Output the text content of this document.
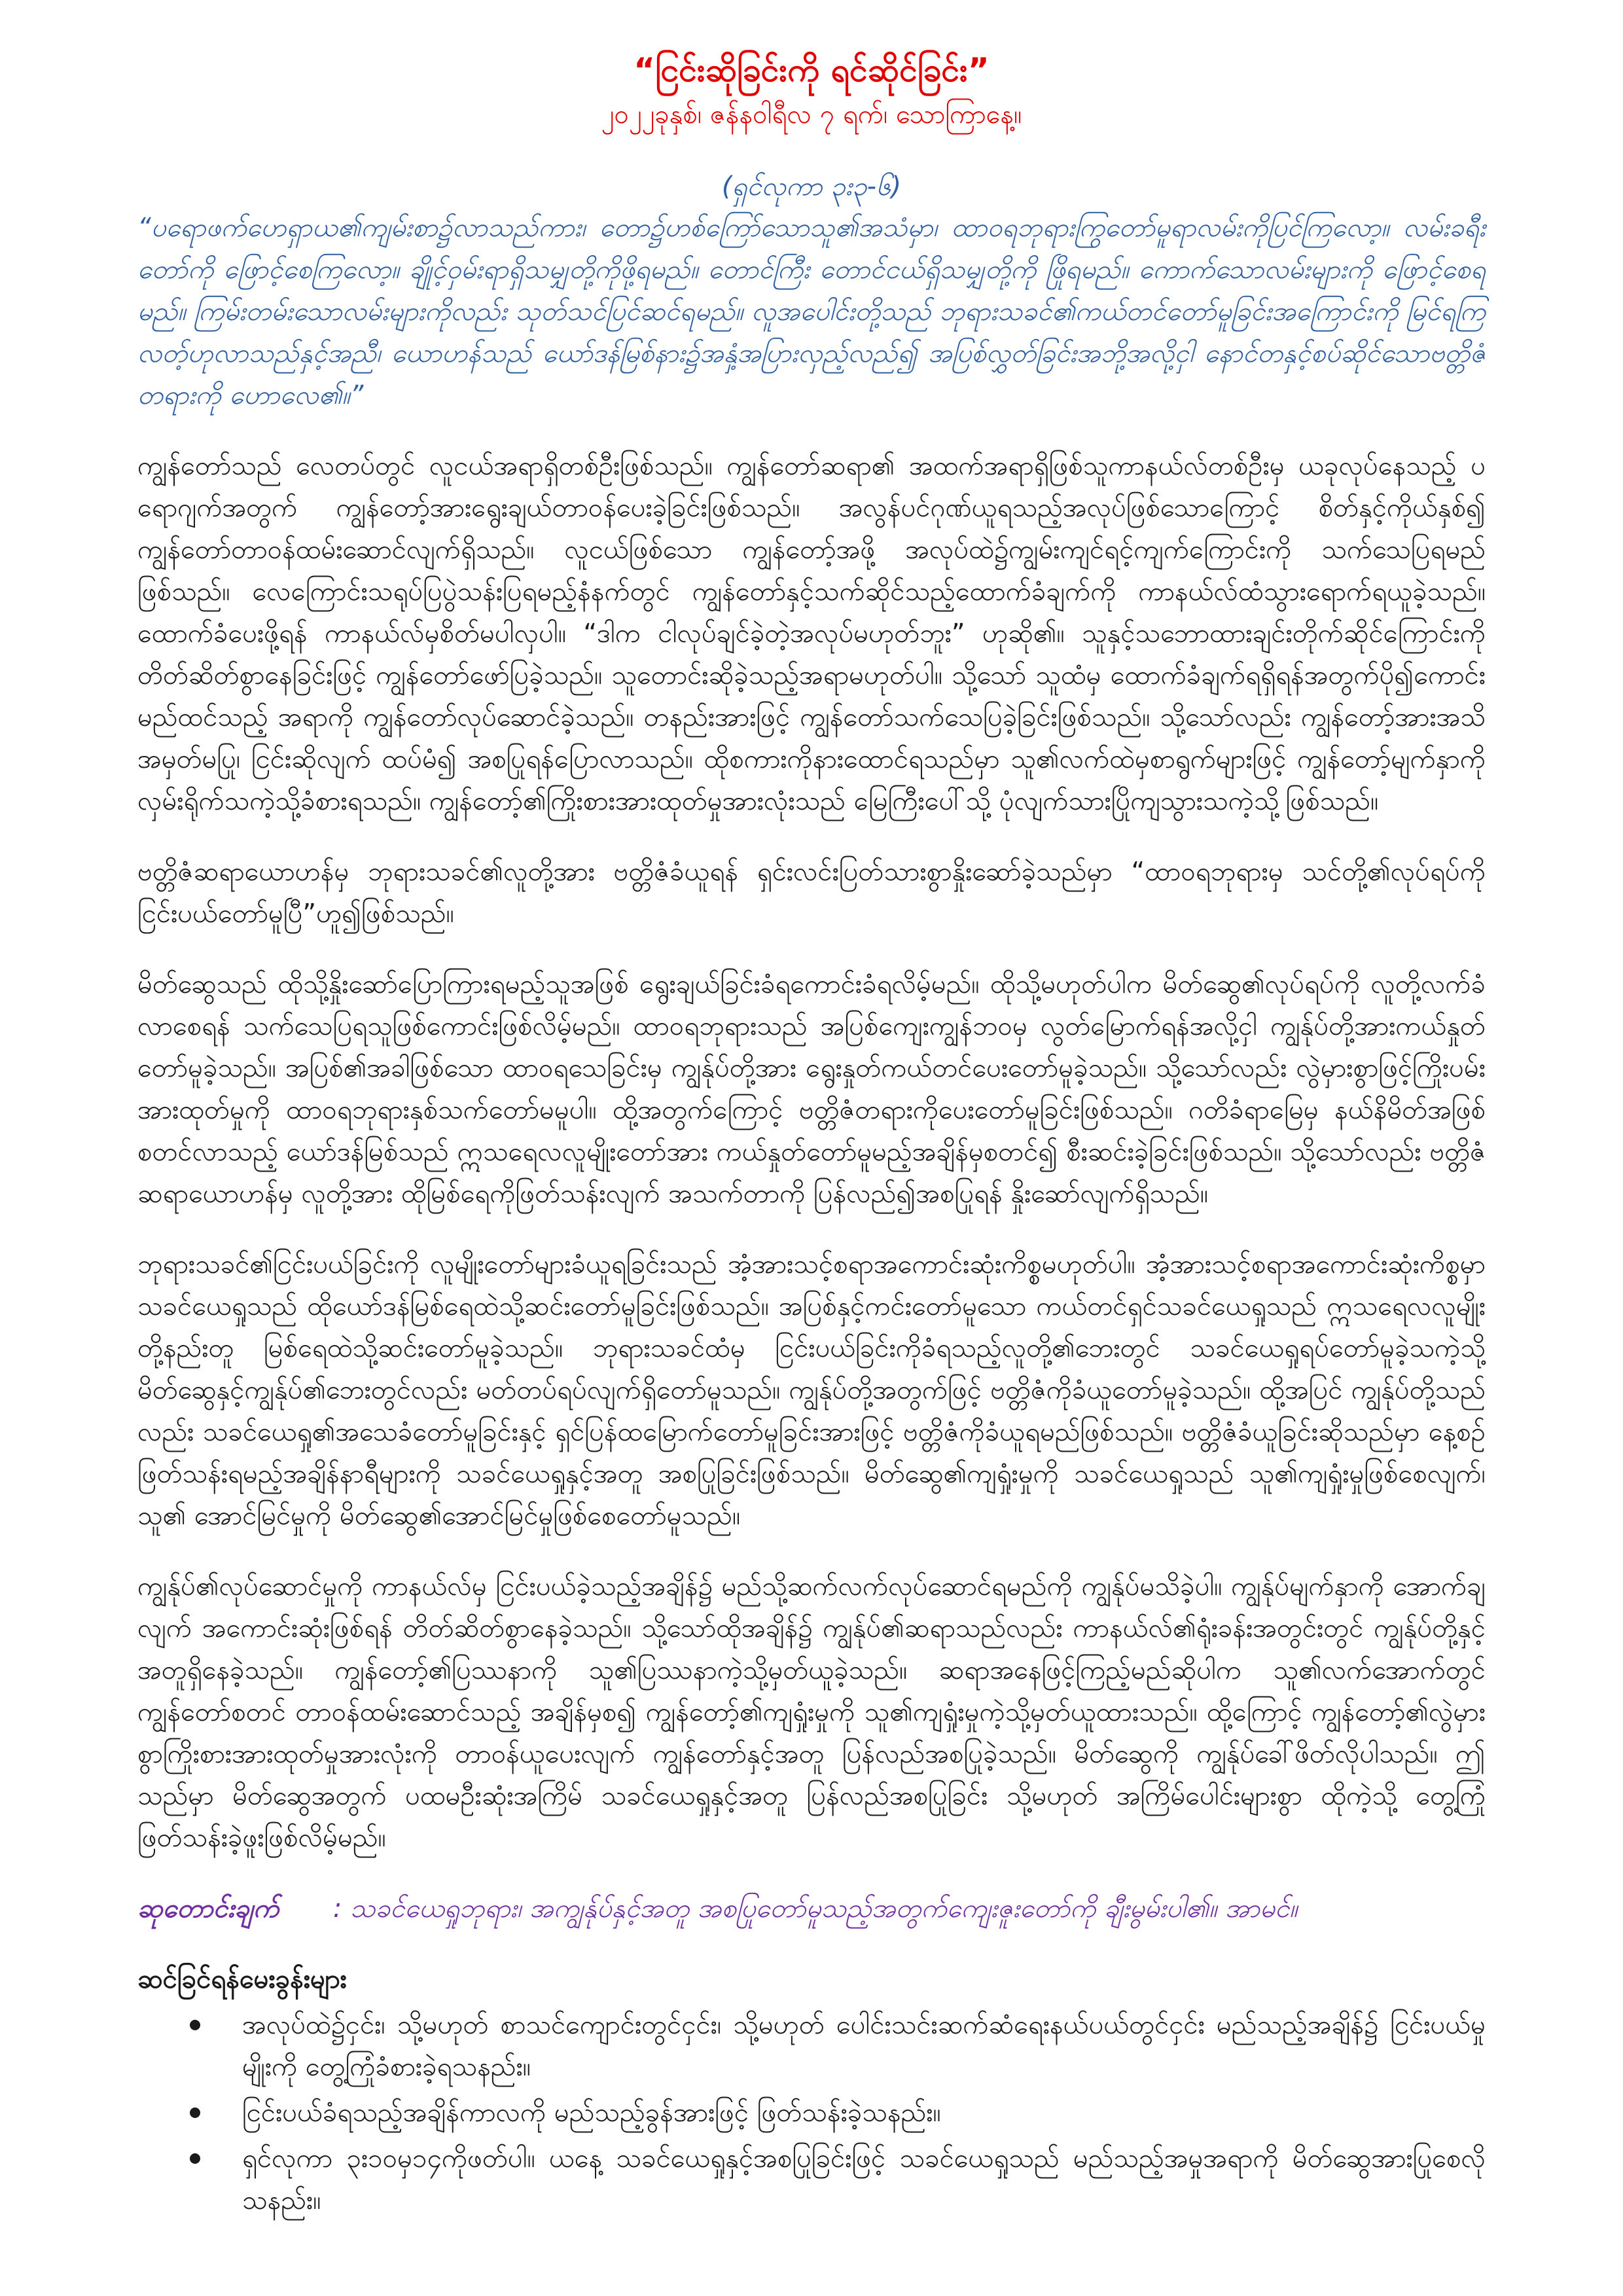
“ငြင်းဆိုခြင်းကို ရင်ဆိုင်ခြင်း”

၂၀၂၂ခုနှစ်၊ ဇန်နဝါရီလ ၇ ရက်၊ သောကြာနေ့။

(ရှင်လုကာ ၃း၃-၆)

“ပရောဖက်ဟေရှာယ၏ကျမ်းစာ၌လာသည်ကား၊ တော၌ဟစ်ကြော်သောသူ၏အသံမှာ၊ ထာဝရဘုရားကြွတော်မူရာလမ်းကိုပြင်ကြလော့။ လမ်းခရီးတော်ကို ဖြောင့်စေကြလော့။ ချိုင့်ဝှမ်းရာရှိသမျှတို့ကိုဖို့ရမည်။ တောင်ကြီး တောင်ငယ်ရှိသမျှတို့ကို ဖြိုရမည်။ ကောက်သောလမ်းများကို ဖြောင့်စေရမည်။ ကြမ်းတမ်းသောလမ်းများကိုလည်း သုတ်သင်ပြင်ဆင်ရမည်။ လူအပေါင်းတို့သည် ဘုရားသခင်၏ကယ်တင်တော်မူခြင်းအကြောင်းကို မြင်ရကြလတ့်ဟုလာသည်နှင့်အညီ၊ ယောဟန်သည် ယော်ဒန်မြစ်နား၌အနှံ့အပြားလှည့်လည်၍ အပြစ်လွှတ်ခြင်းအဘို့အလို့ငှါ နောင်တနှင့်စပ်ဆိုင်သောဗတ္တိဇံတရားကို ဟောလေ၏။”

ကျွန်တော်သည် လေတပ်တွင် လူငယ်အရာရှိတစ်ဦးဖြစ်သည်။ ကျွန်တော်ဆရာ၏ အထက်အရာရှိဖြစ်သူကာနယ်လ်တစ်ဦးမှ ယခုလုပ်နေသည့် ပရောဂျက်အတွက် ကျွန်တော့်အားရွေးချယ်တာဝန်ပေးခဲ့ခြင်းဖြစ်သည်။ အလွန်ပင်ဂုဏ်ယူရသည့်အလုပ်ဖြစ်သောကြောင့် စိတ်နှင့်ကိုယ်နှစ်၍ ကျွန်တော်တာဝန်ထမ်းဆောင်လျက်ရှိသည်။ လူငယ်ဖြစ်သော ကျွန်တော့်အဖို့ အလုပ်ထဲ၌ကျွမ်းကျင်ရင့်ကျက်ကြောင်းကို သက်သေပြရမည်ဖြစ်သည်။ လေကြောင်းသရုပ်ပြပွဲသန်းပြရမည့်နံနက်တွင် ကျွန်တော်နှင့်သက်ဆိုင်သည့်ထောက်ခံချက်ကို ကာနယ်လ်ထံသွားရောက်ရယူခဲ့သည်။ ထောက်ခံပေးဖို့ရန် ကာနယ်လ်မှစိတ်မပါလှပါ။ “ဒါက ငါလုပ်ချင်ခဲ့တဲ့အလုပ်မဟုတ်ဘူး” ဟုဆို၏။ သူနှင့်သဘောထားချင်းတိုက်ဆိုင်ကြောင်းကို တိတ်ဆိတ်စွာနေခြင်းဖြင့် ကျွန်တော်ဖော်ပြခဲ့သည်။ သူတောင်းဆိုခဲ့သည့်အရာမဟုတ်ပါ။ သို့သော် သူထံမှ ထောက်ခံချက်ရရှိရန်အတွက်ပို၍ကောင်းမည်ထင်သည့် အရာကို ကျွန်တော်လုပ်ဆောင်ခဲ့သည်။ တနည်းအားဖြင့် ကျွန်တော်သက်သေပြခဲ့ခြင်းဖြစ်သည်။ သို့သော်လည်း ကျွန်တော့်အားအသိအမှတ်မပြု၊ ငြင်းဆိုလျက် ထပ်မံ၍ အစပြုရန်ပြောလာသည်။ ထိုစကားကိုနားထောင်ရသည်မှာ သူ၏လက်ထဲမှစာရွက်များဖြင့် ကျွန်တော့်မျက်နှာကို လှမ်းရိုက်သကဲ့သို့ခံစားရသည်။ ကျွန်တော့်၏ကြိုးစားအားထုတ်မှုအားလုံးသည် မြေကြီးပေါ်သို့ ပုံလျက်သားပြိုကျသွားသကဲ့သို့ဖြစ်သည်။

ဗတ္တိဇံဆရာယောဟန်မှ ဘုရားသခင်၏လူတို့အား ဗတ္တိဇံခံယူရန် ရှင်းလင်းပြတ်သားစွာနှိုးဆော်ခဲ့သည်မှာ “ထာဝရဘုရားမှ သင်တို့၏လုပ်ရပ်ကို ငြင်းပယ်တော်မူပြီ”ဟူ၍ဖြစ်သည်။

မိတ်ဆွေသည် ထိုသို့နှိုးဆော်ပြောကြားရမည့်သူအဖြစ် ရွေးချယ်ခြင်းခံရကောင်းခံရလိမ့်မည်။ ထိုသို့မဟုတ်ပါက မိတ်ဆွေ၏လုပ်ရပ်ကို လူတို့လက်ခံလာစေရန် သက်သေပြရသူဖြစ်ကောင်းဖြစ်လိမ့်မည်။ ထာဝရဘုရားသည် အပြစ်ကျေးကျွန်ဘဝမှ လွတ်မြောက်ရန်အလို့ငှါ ကျွန်ုပ်တို့အားကယ်နှုတ်တော်မူခဲ့သည်။ အပြစ်၏အခါဖြစ်သော ထာဝရသေခြင်းမှ ကျွန်ုပ်တို့အား ရွေးနှုတ်ကယ်တင်ပေးတော်မူခဲ့သည်။ သို့သော်လည်း လွဲမှားစွာဖြင့်ကြိုးပမ်းအားထုတ်မှုကို ထာဝရဘုရားနှစ်သက်တော်မမူပါ။ ထို့အတွက်ကြောင့် ဗတ္တိဇံတရားကိုပေးတော်မူခြင်းဖြစ်သည်။ ဂတိခံရာမြေမှ နယ်နိမိတ်အဖြစ်စတင်လာသည့် ယော်ဒန်မြစ်သည် ဣသရေလလူမျိုးတော်အား ကယ်နှုတ်တော်မူမည့်အချိန်မှစတင်၍ စီးဆင်းခဲ့ခြင်းဖြစ်သည်။ သို့သော်လည်း ဗတ္တိဇံဆရာယောဟန်မှ လူတို့အား ထိုမြစ်ရေကိုဖြတ်သန်းလျက် အသက်တာကို ပြန်လည်၍အစပြုရန် နှိုးဆော်လျက်ရှိသည်။

ဘုရားသခင်၏ငြင်းပယ်ခြင်းကို လူမျိုးတော်များခံယူရခြင်းသည် အံ့အားသင့်စရာအကောင်းဆုံးကိစ္စမဟုတ်ပါ။ အံ့အားသင့်စရာအကောင်းဆုံးကိစ္စမှာ သခင်ယေရှုသည် ထိုယော်ဒန်မြစ်ရေထဲသို့ဆင်းတော်မူခြင်းဖြစ်သည်။ အပြစ်နှင့်ကင်းတော်မူသော ကယ်တင်ရှင်သခင်ယေရှုသည် ဣသရေလလူမျိုးတို့နည်းတူ မြစ်ရေထဲသို့ဆင်းတော်မူခဲ့သည်။ ဘုရားသခင်ထံမှ ငြင်းပယ်ခြင်းကိုခံရသည့်လူတို့၏ဘေးတွင် သခင်ယေရှုရပ်တော်မူခဲ့သကဲ့သို့ မိတ်ဆွေနှင့်ကျွန်ုပ်၏ဘေးတွင်လည်း မတ်တပ်ရပ်လျက်ရှိတော်မူသည်။ ကျွန်ုပ်တို့အတွက်ဖြင့် ဗတ္တိဇံကိုခံယူတော်မူခဲ့သည်။ ထို့အပြင် ကျွန်ုပ်တို့သည်လည်း သခင်ယေရှု၏အသေခံတော်မူခြင်းနှင့် ရှင်ပြန်ထမြောက်တော်မူခြင်းအားဖြင့် ဗတ္တိဇံကိုခံယူရမည်ဖြစ်သည်။ ဗတ္တိဇံခံယူခြင်းဆိုသည်မှာ နေ့စဉ်ဖြတ်သန်းရမည့်အချိန်နာရီများကို သခင်ယေရှုနှင့်အတူ အစပြုခြင်းဖြစ်သည်။ မိတ်ဆွေ၏ကျရှုံးမှုကို သခင်ယေရှုသည် သူ၏ကျရှုံးမှုဖြစ်စေလျက်၊ သူ၏ အောင်မြင်မှုကို မိတ်ဆွေ၏အောင်မြင်မှုဖြစ်စေတော်မူသည်။

ကျွန်ုပ်၏လုပ်ဆောင်မှုကို ကာနယ်လ်မှ ငြင်းပယ်ခဲ့သည့်အချိန်၌ မည်သို့ဆက်လက်လုပ်ဆောင်ရမည်ကို ကျွန်ုပ်မသိခဲ့ပါ။ ကျွန်ုပ်မျက်နှာကို အောက်ချလျက် အကောင်းဆုံးဖြစ်ရန် တိတ်ဆိတ်စွာနေခဲ့သည်။ သို့သော်ထိုအချိန်၌ ကျွန်ုပ်၏ဆရာသည်လည်း ကာနယ်လ်၏ရုံးခန်းအတွင်းတွင် ကျွန်ုပ်တို့နှင့်အတူရှိနေခဲ့သည်။ ကျွန်တော့်၏ပြဿနာကို သူ၏ပြဿနာကဲ့သို့မှတ်ယူခဲ့သည်။ ဆရာအနေဖြင့်ကြည့်မည်ဆိုပါက သူ၏လက်အောက်တွင် ကျွန်တော်စတင် တာဝန်ထမ်းဆောင်သည့် အချိန်မှစ၍ ကျွန်တော့်၏ကျရှုံးမှုကို သူ၏ကျရှုံးမှုကဲ့သို့မှတ်ယူထားသည်။ ထို့ကြောင့် ကျွန်တော့်၏လွဲမှားစွာကြိုးစားအားထုတ်မှုအားလုံးကို တာဝန်ယူပေးလျက် ကျွန်တော်နှင့်အတူ ပြန်လည်အစပြုခဲ့သည်။ မိတ်ဆွေကို ကျွန်ုပ်ခေါ်ဖိတ်လိုပါသည်။ ဤသည်မှာ မိတ်ဆွေအတွက် ပထမဦးဆုံးအကြိမ် သခင်ယေရှုနှင့်အတူ ပြန်လည်အစပြုခြင်း သို့မဟုတ် အကြိမ်ပေါင်းများစွာ ထိုကဲ့သို့ တွေ့ကြုံဖြတ်သန်းခဲ့ဖူးဖြစ်လိမ့်မည်။

ဆုတောင်းချက် : သခင်ယေရှုဘုရား၊ အကျွန်ုပ်နှင့်အတူ အစပြုတော်မူသည့်အတွက်ကျေးဇူးတော်ကို ချီးမွမ်းပါ၏။ အာမင်။

ဆင်ခြင်ရန်မေးခွန်းများ

အလုပ်ထဲ၌ငှင်း၊ သို့မဟုတ် စာသင်ကျောင်းတွင်ငှင်း၊ သို့မဟုတ် ပေါင်းသင်းဆက်ဆံရေးနယ်ပယ်တွင်ငှင်း မည်သည့်အချိန်၌ ငြင်းပယ်မှုမျိုးကို တွေ့ကြုံခံစားခဲ့ရသနည်း။
ငြင်းပယ်ခံရသည့်အချိန်ကာလကို မည်သည့်ခွန်အားဖြင့် ဖြတ်သန်းခဲ့သနည်း။
ရှင်လုကာ ၃း၁၀မှ၁၄ကိုဖတ်ပါ။ ယနေ့ သခင်ယေရှုနှင့်အစပြုခြင်းဖြင့် သခင်ယေရှုသည် မည်သည့်အမှုအရာကို မိတ်ဆွေအားပြုစေလိုသနည်း။
